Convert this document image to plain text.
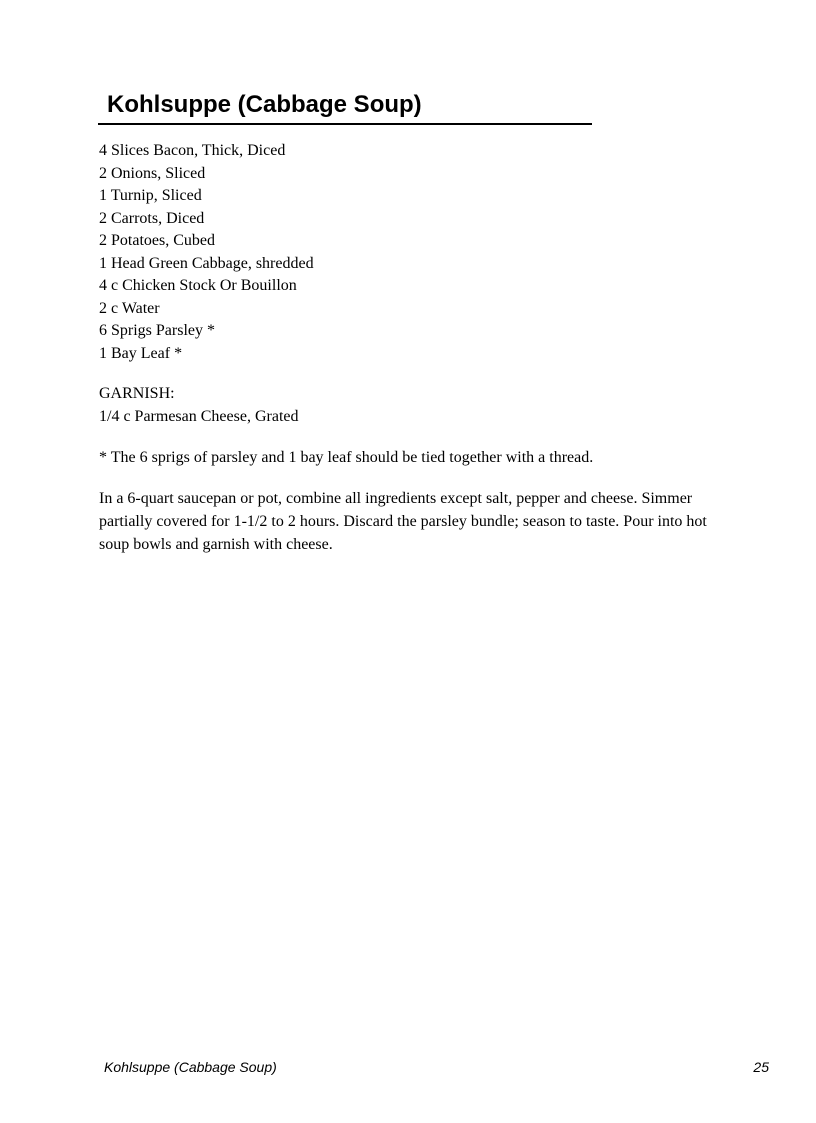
Kohlsuppe (Cabbage Soup)
4 Slices Bacon, Thick, Diced
2 Onions, Sliced
1 Turnip, Sliced
2 Carrots, Diced
2 Potatoes, Cubed
1 Head Green Cabbage, shredded
4 c Chicken Stock Or Bouillon
2 c Water
6 Sprigs Parsley *
1 Bay Leaf *
GARNISH:
1/4 c Parmesan Cheese, Grated
* The 6 sprigs of parsley and 1 bay leaf should be tied together with a thread.
In a 6-quart saucepan or pot, combine all ingredients except salt, pepper and cheese. Simmer partially covered for 1-1/2 to 2 hours. Discard the parsley bundle; season to taste. Pour into hot soup bowls and garnish with cheese.
Kohlsuppe (Cabbage Soup)	25
